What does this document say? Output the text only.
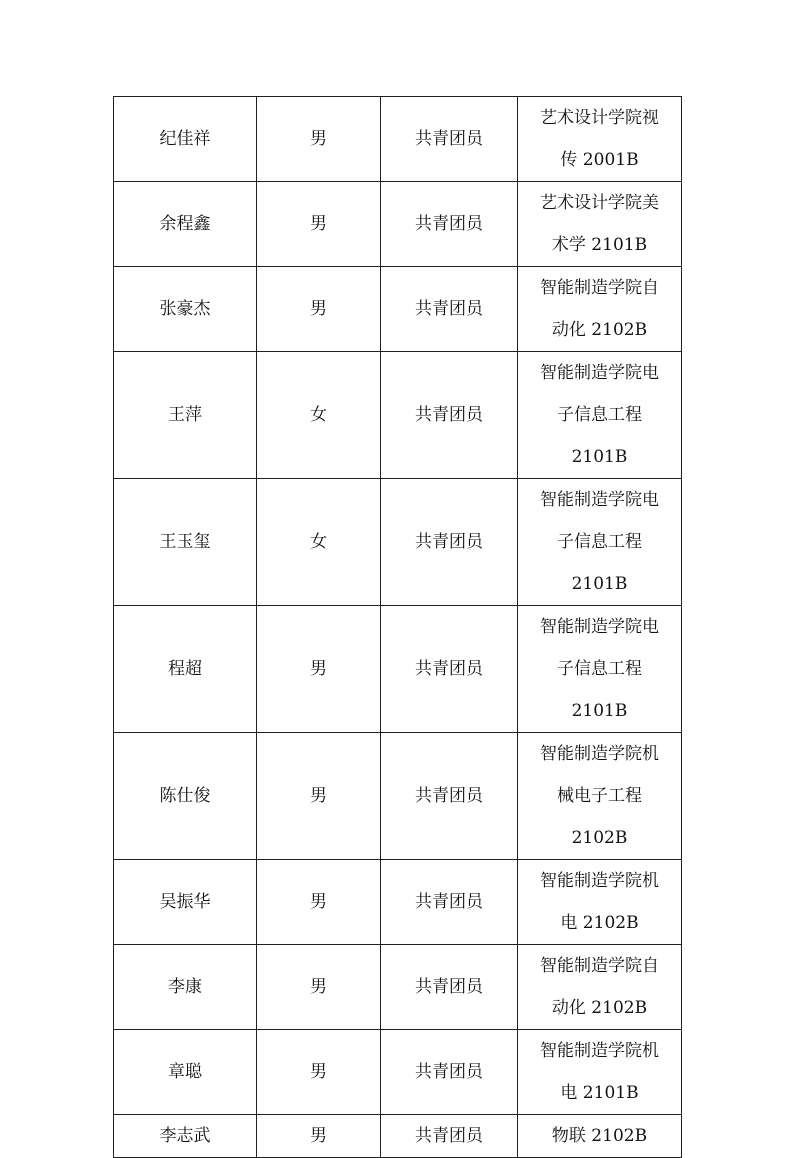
纪佳祥	男	共青团员	艺术设计学院视
传 2001B

余程鑫	男	共青团员	艺术设计学院美
术学 2101B

张豪杰	男	共青团员	智能制造学院自
动化 2102B

王萍	女	共青团员	智能制造学院电
子信息工程 2101B

王玉玺	女	共青团员	智能制造学院电
子信息工程 2101B

程超	男	共青团员	智能制造学院电
子信息工程 2101B

陈仕俊	男	共青团员	智能制造学院机
械电子工程
2102B

吴振华	男	共青团员	智能制造学院机
电 2102B

李康	男	共青团员	智能制造学院自
动化 2102B

章聪	男	共青团员	智能制造学院机
电 2101B

李志武	男	共青团员	物联 2102B
